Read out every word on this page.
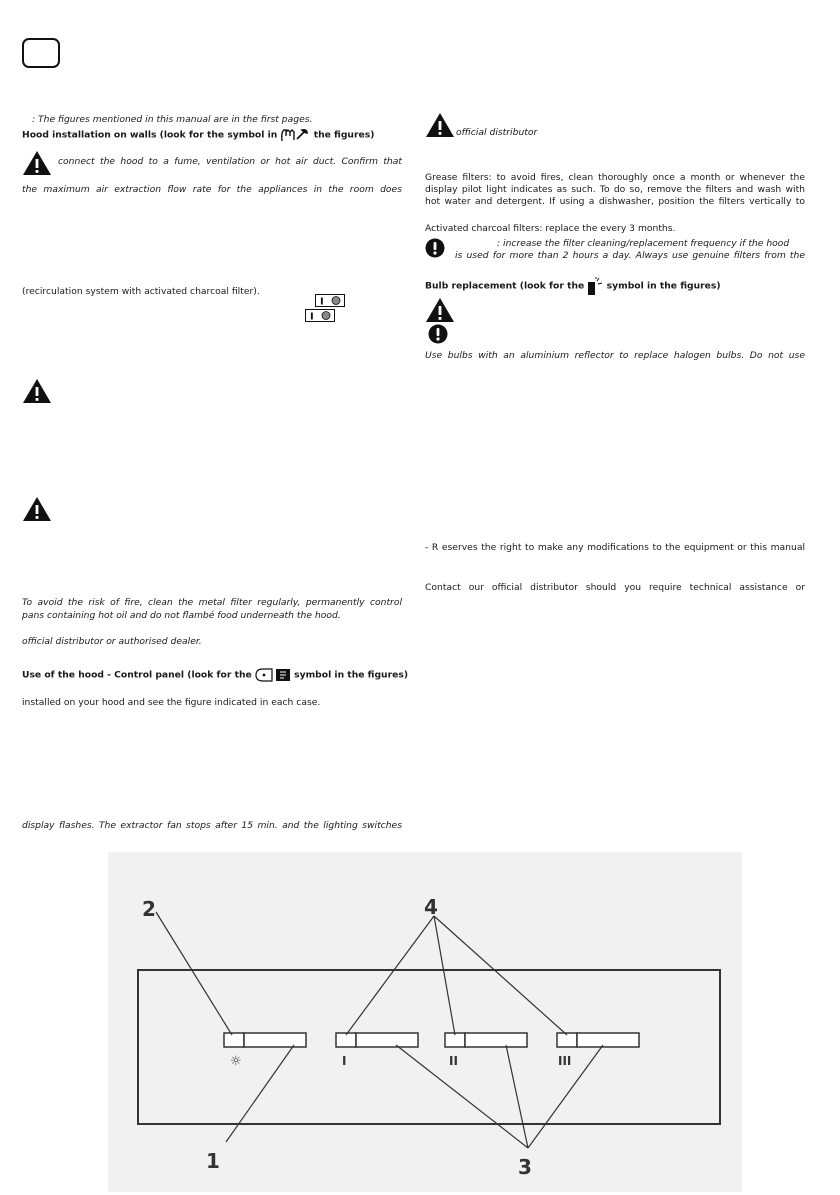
: The figures mentioned in this manual are in the first pages.
Hood installation on walls (look for the symbol in	the figures)
connect the hood to a fume, ventilation or hot air duct. Confirm that
the maximum air extraction flow rate for the appliances in the room does
(recirculation system with activated charcoal filter).
I
I
To avoid the risk of fire, clean the metal filter regularly, permanently control
pans containing hot oil and do not flambé food underneath the hood.
official distributor or authorised dealer.
Use of the hood - Control panel (look for the	symbol in the figures)
installed on your hood and see the figure indicated in each case.
display flashes. The extractor fan stops after 15 min. and the lighting switches
official distributor
Grease filters: to avoid fires, clean thoroughly once a month or whenever the
display pilot light indicates as such. To do so, remove the filters and wash with
hot water and detergent. If using a dishwasher, position the filters vertically to
Activated charcoal filters: replace the every 3 months.
: increase the filter cleaning/replacement frequency if the hood
is used for more than 2 hours a day. Always use genuine filters from the
Bulb replacement (look for the symbol in the figures)
Use bulbs with an aluminium reflector to replace halogen bulbs. Do not use
- R eserves the right to make any modifications to the equipment or this manual
Contact our official distributor should you require technical assistance or
☼	I	II	III
2
1	3
4
